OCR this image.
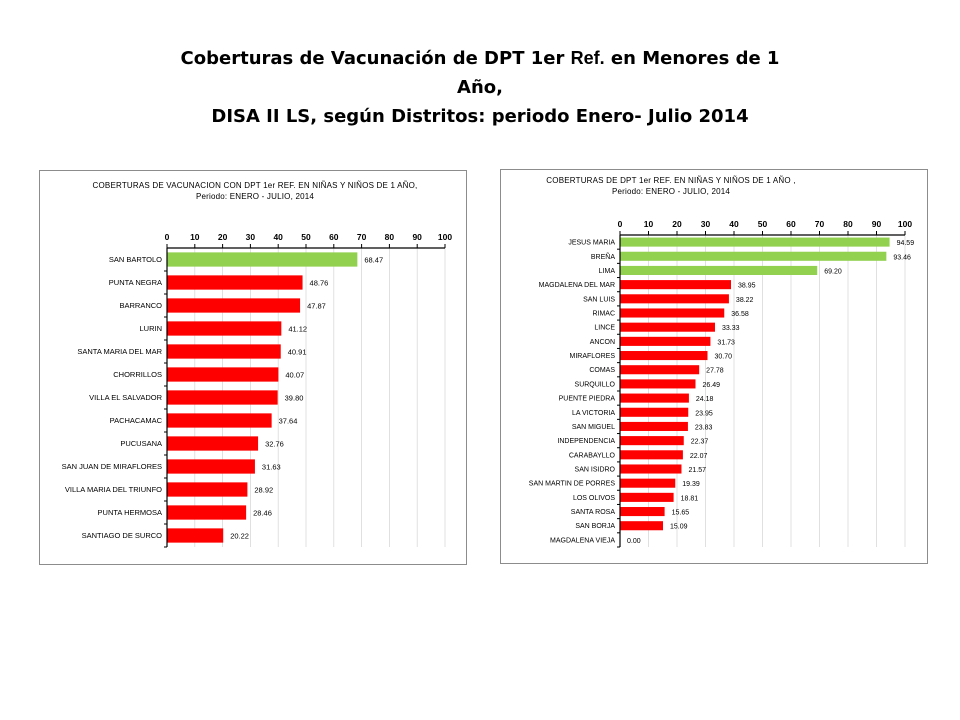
Coberturas de Vacunación de DPT 1er Ref. en Menores de 1
Año,
DISA II LS, según Distritos: periodo Enero- Julio 2014
COBERTURAS DE VACUNACION CON DPT 1er REF. EN NIÑAS Y NIÑOS DE 1 AÑO,
Periodo: ENERO - JULIO, 2014
0 10 20 30 40 50 60 70 80 90 100
SAN BARTOLO	68.47
PUNTA NEGRA	48.76
BARRANCO	47.87
LURIN	41.12
SANTA MARIA DEL MAR	40.91
CHORRILLOS	40.07
VILLA EL SALVADOR	39.80
PACHACAMAC	37.64
PUCUSANA	32.76
SAN JUAN DE MIRAFLORES	31.63
VILLA MARIA DEL TRIUNFO	28.92
PUNTA HERMOSA	28.46
SANTIAGO DE SURCO	20.22
COBERTURAS DE DPT 1er REF. EN NIÑAS Y NIÑOS DE 1 AÑO ,
Periodo: ENERO - JULIO, 2014
0	10 20 30 40 50 60 70 80 90 100
JESUS MARIA	94.59
BREÑA	93.46
LIMA	69.20
MAGDALENA DEL MAR	38.95
SAN LUIS	38.22
RIMAC	36.58
LINCE	33.33
ANCON	31.73
MIRAFLORES	30.70
COMAS	27.78
SURQUILLO	26.49
PUENTE PIEDRA	24.18
LA VICTORIA	23.95
SAN MIGUEL	23.83
INDEPENDENCIA	22.37
CARABAYLLO	22.07
SAN ISIDRO	21.57
SAN MARTIN DE PORRES	19.39
LOS OLIVOS	18.81
SANTA ROSA	15.65
SAN BORJA	15.09
MAGDALENA VIEJA 0.00
